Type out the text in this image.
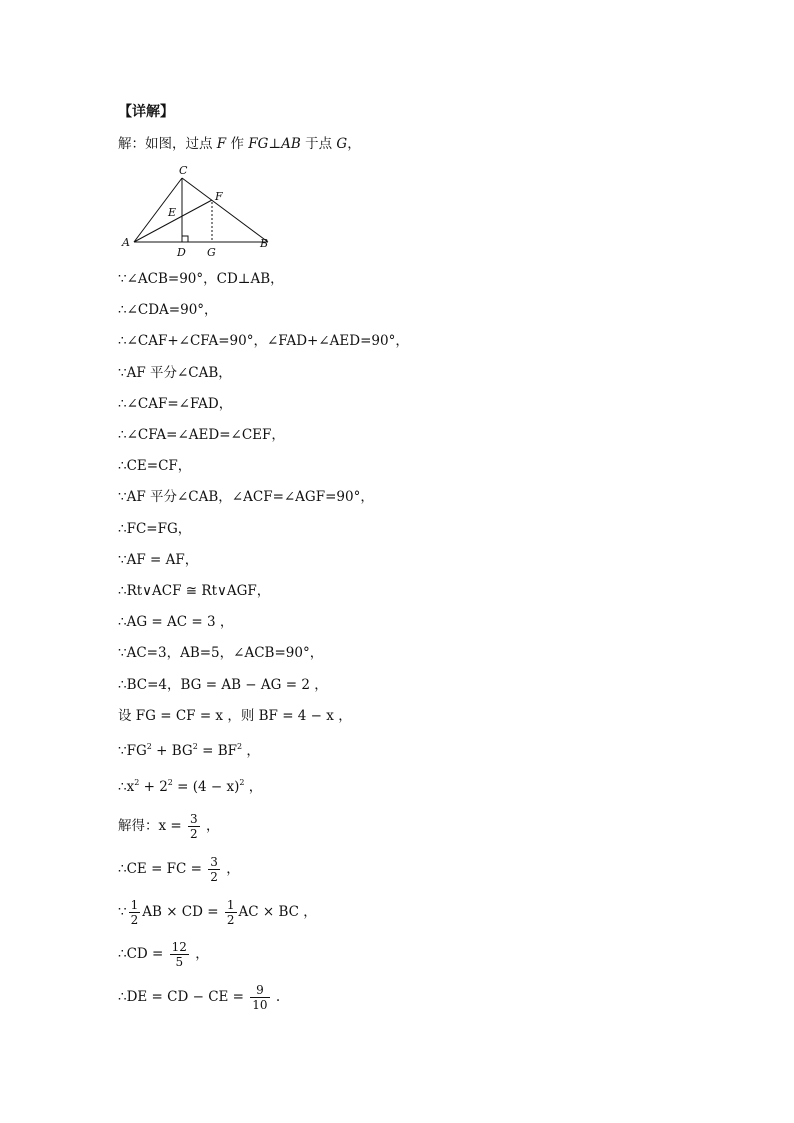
【详解】
解：如图，过点 F 作 FG⊥AB 于点 G，
A	B
C
D
E
F
G
∵∠ACB=90°，CD⊥AB，
∴∠CDA=90°，
∴∠CAF+∠CFA=90°，∠FAD+∠AED=90°，
∵AF 平分∠CAB，
∴∠CAF=∠FAD，
∴∠CFA=∠AED=∠CEF，
∴CE=CF，
∵AF 平分∠CAB，∠ACF=∠AGF=90°，
∴FC=FG，
∵AF = AF，
∴Rt∨ACF ≅ Rt∨AGF，
∴AG = AC = 3 ，
∵AC=3，AB=5，∠ACB=90°，
∴BC=4，BG = AB − AG = 2 ，
设 FG = CF = x ，则 BF = 4 − x ，
$\because FG^2 + BG^2 = BF^2$ ，
$\therefore x^2 + 2^2 = (4 - x)^2$ ，
解得：$x = \frac{3}{2}$ ，
∴CE = FC = $\frac{3}{2}$ ，
∵ $\frac{1}{2}$ AB × CD = $\frac{1}{2}$ AC × BC ，
∴CD = $\frac{12}{5}$ ，
∴DE = CD − CE = $\frac{9}{10}$ .
